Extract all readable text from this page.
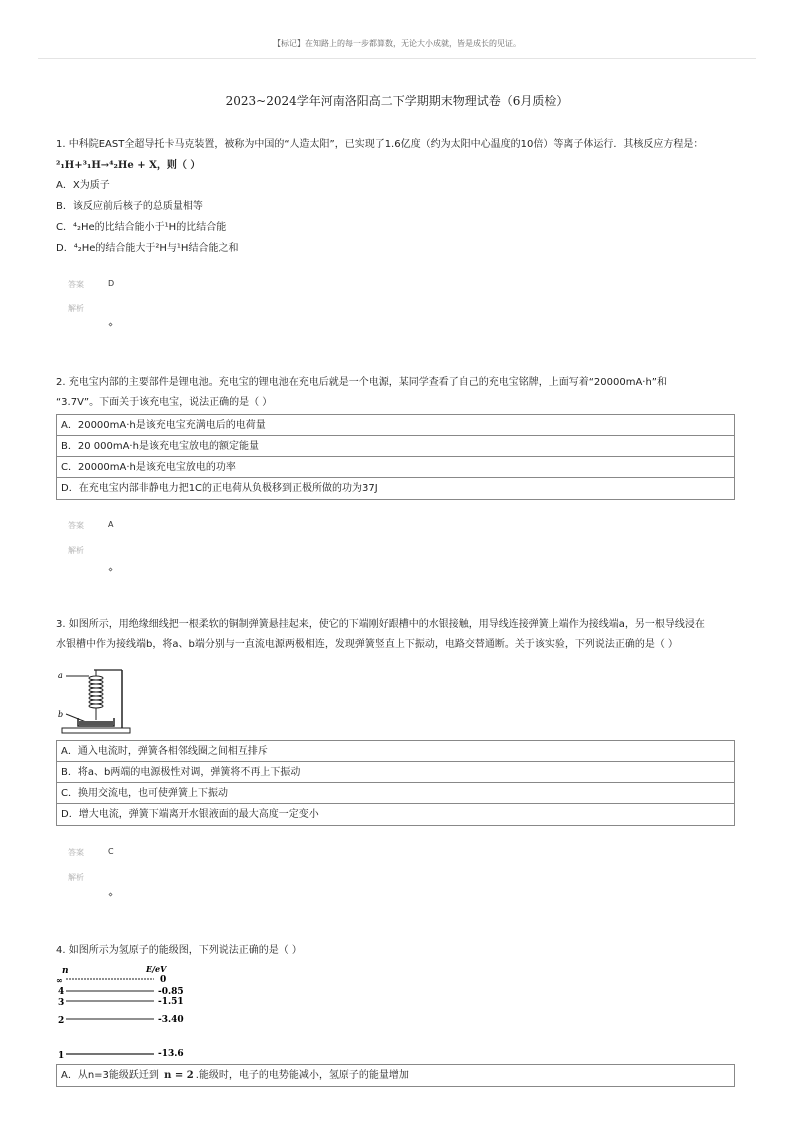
【标记】在知路上的每一步都算数，无论大小成就，皆是成长的见证。
2023~2024学年河南洛阳高二下学期期末物理试卷（6月质检）
1. 中科院EAST全超导托卡马克装置，被称为中国的“人造太阳”，已实现了1.6亿度（约为太阳中心温度的10倍）等离子体运行．其核反应方程是：
²₁H+³₁H→⁴₂He + X，则（ ）
A．X为质子
B．该反应前后核子的总质量相等
C．⁴₂He的比结合能小于¹H的比结合能
D．⁴₂He的结合能大于²H与¹H结合能之和
答案	D
解析
⋄
2. 充电宝内部的主要部件是锂电池。充电宝的锂电池在充电后就是一个电源，某同学查看了自己的充电宝铭牌，上面写着“20000mA·h”和
“3.7V”。下面关于该充电宝，说法正确的是（ ）
A．20000mA·h是该充电宝充满电后的电荷量
B．20 000mA·h是该充电宝放电的额定能量
C．20000mA·h是该充电宝放电的功率
D．在充电宝内部非静电力把1C的正电荷从负极移到正极所做的功为37J
答案	A
解析
⋄
3. 如图所示，用绝缘细线把一根柔软的铜制弹簧悬挂起来，使它的下端刚好跟槽中的水银接触，用导线连接弹簧上端作为接线端a，另一根导线浸在
水银槽中作为接线端b，将a、b端分别与一直流电源两极相连，发现弹簧竖直上下振动，电路交替通断。关于该实验，下列说法正确的是（ ）
a
b
A．通入电流时，弹簧各相邻线圈之间相互排斥
B．将a、b两端的电源极性对调，弹簧将不再上下振动
C．换用交流电，也可使弹簧上下振动
D．增大电流，弹簧下端离开水银液面的最大高度一定变小
答案	C
解析
⋄
4. 如图所示为氢原子的能级图，下列说法正确的是（ ）
n	E/eV
∞	0
4	-0.85
3	-1.51
2	-3.40
1	-13.6
A．从n=3能级跃迁到 n = 2 .能级时，电子的电势能减小，氢原子的能量增加
